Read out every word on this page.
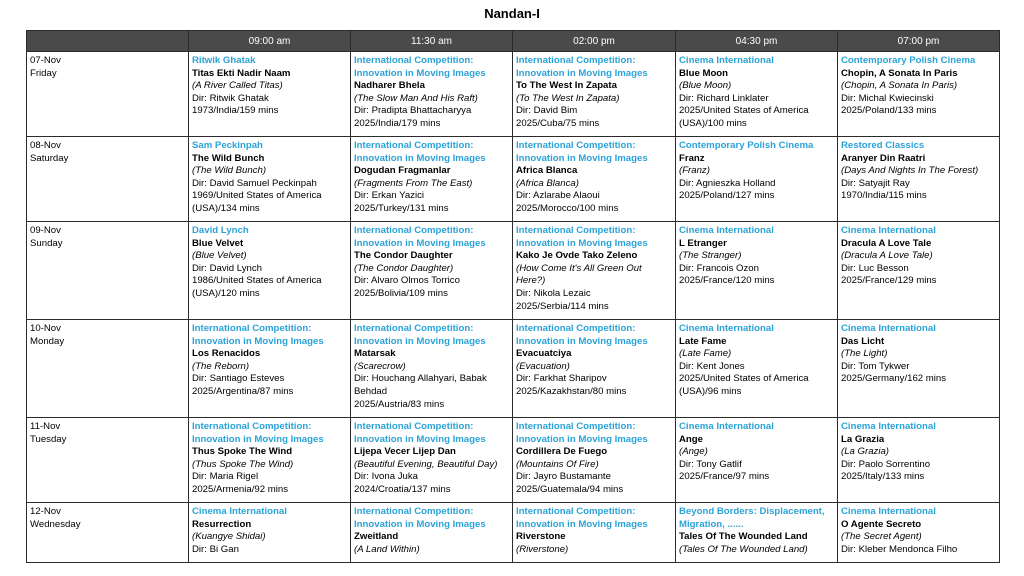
Nandan-I
	09:00 am	11:30 am	02:00 pm	04:30 pm	07:00 pm

07-Nov
Friday	Ritwik Ghatak
Titas Ekti Nadir Naam
(A River Called Titas)
Dir: Ritwik Ghatak
1973/India/159 mins	International Competition: Innovation in Moving Images
Nadharer Bhela
(The Slow Man And His Raft)
Dir: Pradipta Bhattacharyya
2025/India/179 mins	International Competition: Innovation in Moving Images
To The West In Zapata
(To The West In Zapata)
Dir: David Bim
2025/Cuba/75 mins	Cinema International
Blue Moon
(Blue Moon)
Dir: Richard Linklater
2025/United States of America (USA)/100 mins	Contemporary Polish Cinema
Chopin, A Sonata In Paris
(Chopin, A Sonata In Paris)
Dir: Michal Kwiecinski
2025/Poland/133 mins

08-Nov
Saturday	Sam Peckinpah
The Wild Bunch
(The Wild Bunch)
Dir: David Samuel Peckinpah
1969/United States of America (USA)/134 mins	International Competition: Innovation in Moving Images
Dogudan Fragmanlar
(Fragments From The East)
Dir: Erkan Yazici
2025/Turkey/131 mins	International Competition: Innovation in Moving Images
Africa Blanca
(Africa Blanca)
Dir: Azlarabe Alaoui
2025/Morocco/100 mins	Contemporary Polish Cinema
Franz
(Franz)
Dir: Agnieszka Holland
2025/Poland/127 mins	Restored Classics
Aranyer Din Raatri
(Days And Nights In The Forest)
Dir: Satyajit Ray
1970/India/115 mins

09-Nov
Sunday	David Lynch
Blue Velvet
(Blue Velvet)
Dir: David Lynch
1986/United States of America (USA)/120 mins	International Competition: Innovation in Moving Images
The Condor Daughter
(The Condor Daughter)
Dir: Alvaro Olmos Torrico
2025/Bolivia/109 mins	International Competition: Innovation in Moving Images
Kako Je Ovde Tako Zeleno
(How Come It's All Green Out Here?)
Dir: Nikola Lezaic
2025/Serbia/114 mins	Cinema International
L Etranger
(The Stranger)
Dir: Francois Ozon
2025/France/120 mins	Cinema International
Dracula A Love Tale
(Dracula A Love Tale)
Dir: Luc Besson
2025/France/129 mins

10-Nov
Monday	International Competition: Innovation in Moving Images
Los Renacidos
(The Reborn)
Dir: Santiago Esteves
2025/Argentina/87 mins	International Competition: Innovation in Moving Images
Matarsak
(Scarecrow)
Dir: Houchang Allahyari, Babak Behdad
2025/Austria/83 mins	International Competition: Innovation in Moving Images
Evacuatciya
(Evacuation)
Dir: Farkhat Sharipov
2025/Kazakhstan/80 mins	Cinema International
Late Fame
(Late Fame)
Dir: Kent Jones
2025/United States of America (USA)/96 mins	Cinema International
Das Licht
(The Light)
Dir: Tom Tykwer
2025/Germany/162 mins

11-Nov
Tuesday	International Competition: Innovation in Moving Images
Thus Spoke The Wind
(Thus Spoke The Wind)
Dir: Maria Rigel
2025/Armenia/92 mins	International Competition: Innovation in Moving Images
Lijepa Vecer Lijep Dan
(Beautiful Evening, Beautiful Day)
Dir: Ivona Juka
2024/Croatia/137 mins	International Competition: Innovation in Moving Images
Cordillera De Fuego
(Mountains Of Fire)
Dir: Jayro Bustamante
2025/Guatemala/94 mins	Cinema International
Ange
(Ange)
Dir: Tony Gatlif
2025/France/97 mins	Cinema International
La Grazia
(La Grazia)
Dir: Paolo Sorrentino
2025/Italy/133 mins

12-Nov
Wednesday	Cinema International
Resurrection
(Kuangye Shidai)
Dir: Bi Gan	International Competition: Innovation in Moving Images
Zweitland
(A Land Within)	International Competition: Innovation in Moving Images
Riverstone
(Riverstone)	Beyond Borders: Displacement, Migration, ......
Tales Of The Wounded Land
(Tales Of The Wounded Land)	Cinema International
O Agente Secreto
(The Secret Agent)
Dir: Kleber Mendonca Filho
